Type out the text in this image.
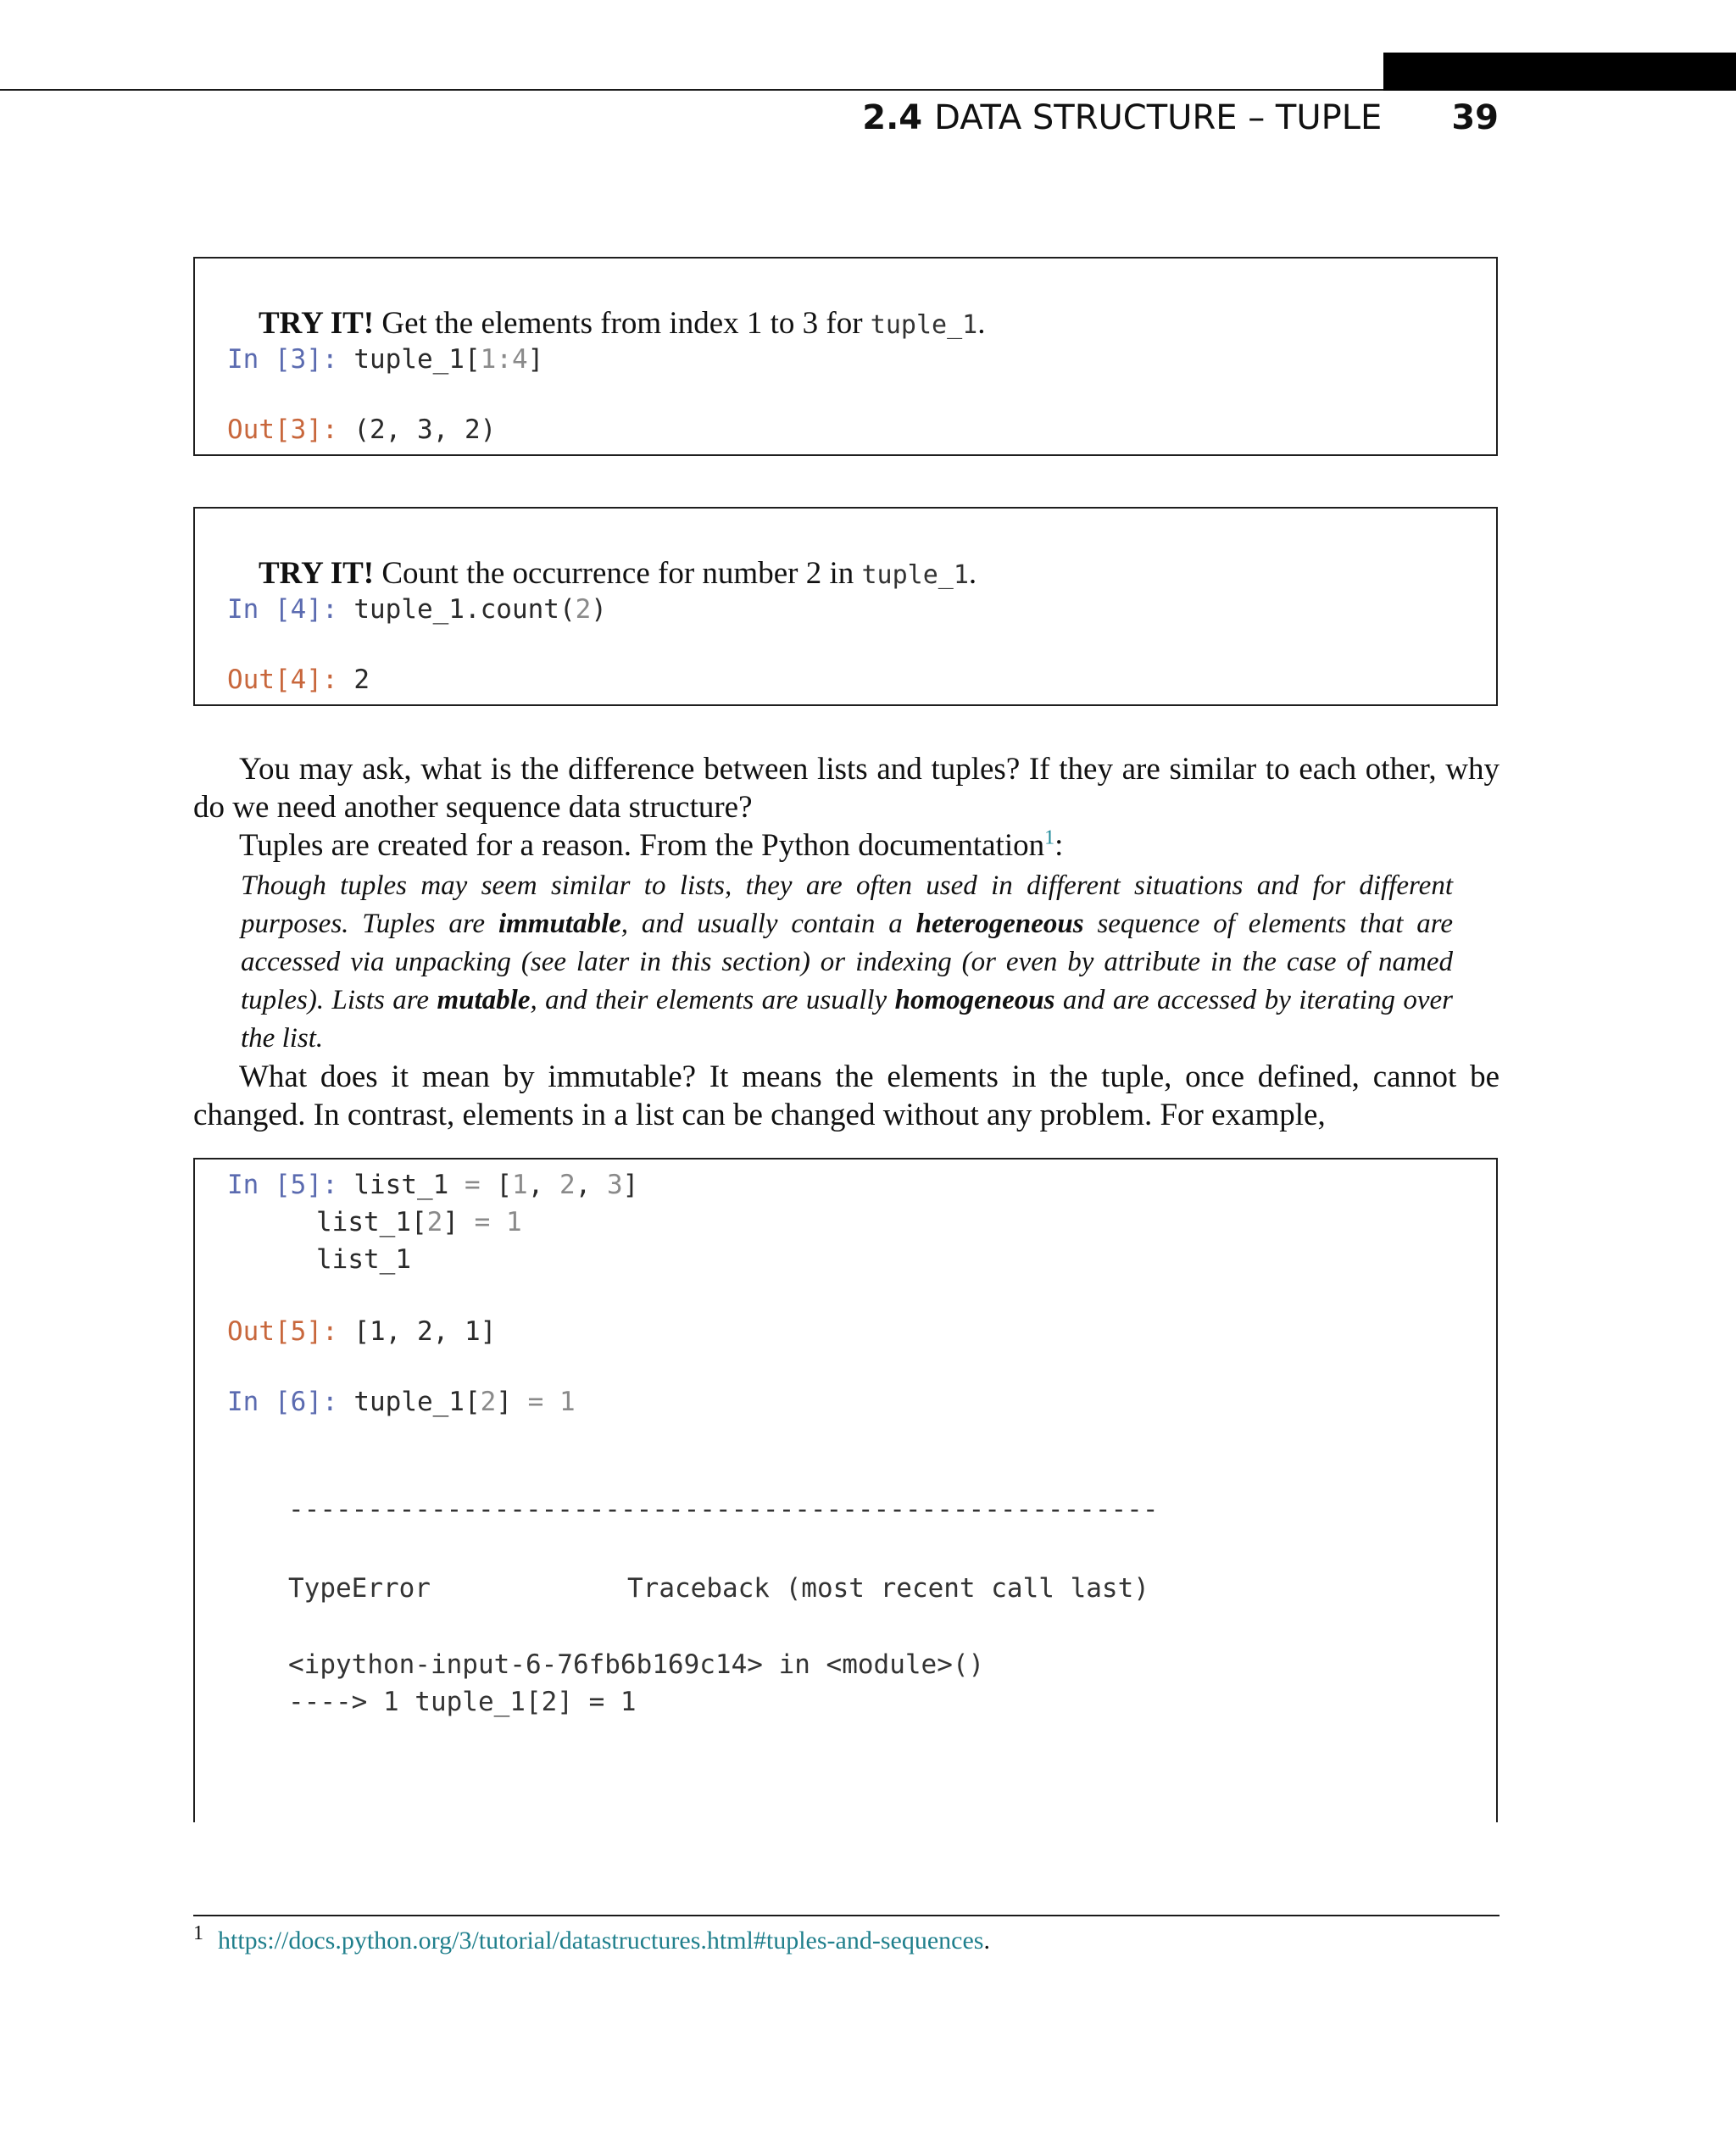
2.4 DATA STRUCTURE – TUPLE 39

TRY IT! Get the elements from index 1 to 3 for tuple_1.

In [3]: tuple_1[1:4]
Out[3]: (2, 3, 2)

TRY IT! Count the occurrence for number 2 in tuple_1.

In [4]: tuple_1.count(2)
Out[4]: 2
You may ask, what is the difference between lists and tuples? If they are similar to each other, why do we need another sequence data structure?
Tuples are created for a reason. From the Python documentation$^1$:
Though tuples may seem similar to lists, they are often used in different situations and for different purposes. Tuples are immutable, and usually contain a heterogeneous sequence of elements that are accessed via unpacking (see later in this section) or indexing (or even by attribute in the case of named tuples). Lists are mutable, and their elements are usually homogeneous and are accessed by iterating over the list.
What does it mean by immutable? It means the elements in the tuple, once defined, cannot be changed. In contrast, elements in a list can be changed without any problem. For example,
In [5]: list_1 = [1, 2, 3]
list_1[2] = 1
list_1
Out[5]: [1, 2, 1]
In [6]: tuple_1[2] = 1
-------------------------------------------------------
TypeError	Traceback (most recent call last)
<ipython-input-6-76fb6b169c14> in <module>()
----> 1 tuple_1[2] = 1
1 https://docs.python.org/3/tutorial/datastructures.html#tuples-and-sequences.
